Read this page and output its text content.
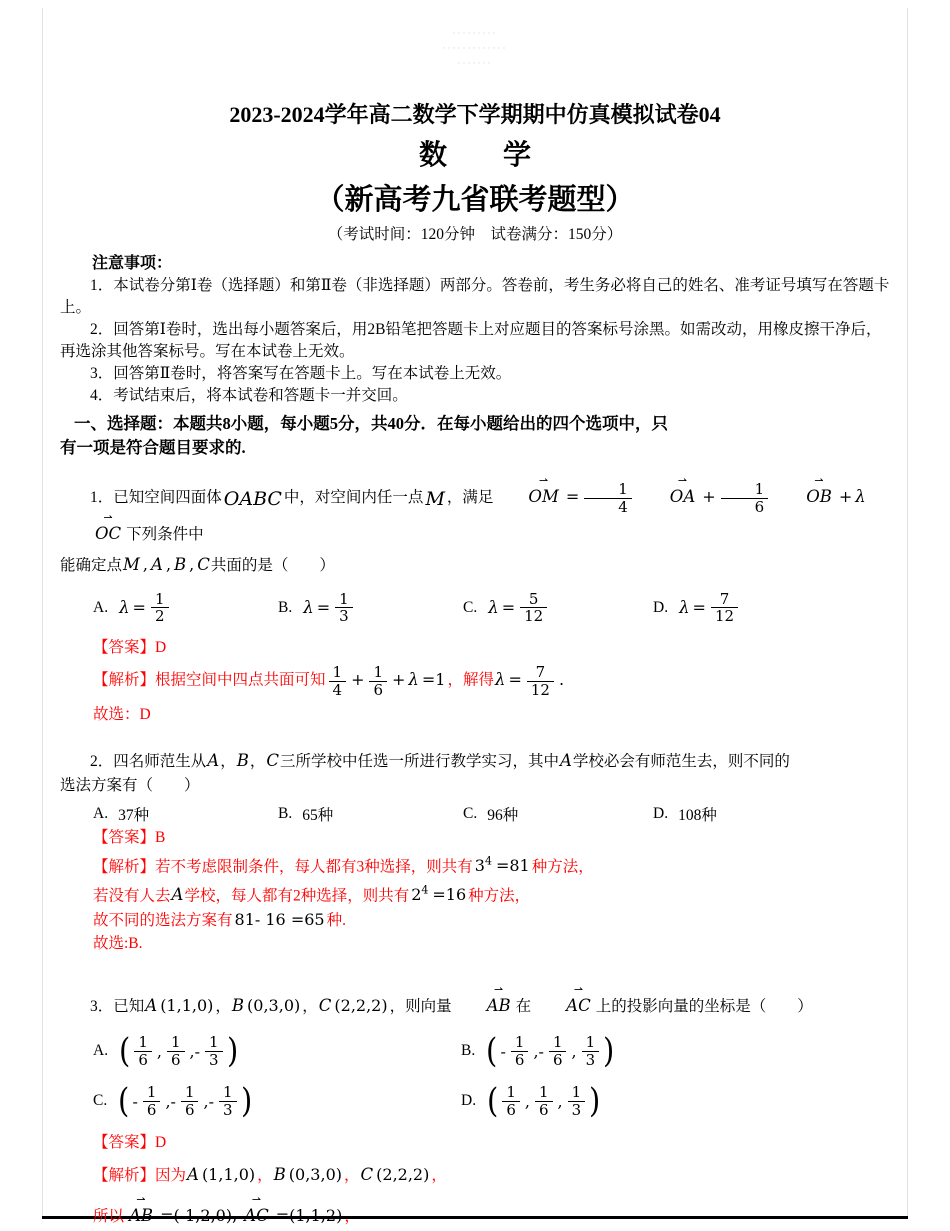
·········
·············
·······
2023-2024学年高二数学下学期期中仿真模拟试卷04
数　　学
（新高考九省联考题型）
（考试时间：120分钟　试卷满分：150分）
注意事项：

1．本试卷分第Ⅰ卷（选择题）和第Ⅱ卷（非选择题）两部分。答卷前，考生务必将自己的姓名、准考证号填写在答题卡上。

2．回答第Ⅰ卷时，选出每小题答案后，用2B铅笔把答题卡上对应题目的答案标号涂黑。如需改动，用橡皮擦干净后，再选涂其他答案标号。写在本试卷上无效。

3．回答第Ⅱ卷时，将答案写在答题卡上。写在本试卷上无效。

4．考试结束后，将本试卷和答题卡一并交回。

一、选择题：本题共8小题，每小题5分，共40分．在每小题给出的四个选项中，只
有一项是符合题目要求的.
1．已知空间四面体 OABC 中，对空间内任一点 M ，满足
⇀
OM = $\frac{1}{4}$
⇀
OA + $\frac{1}{6}$
⇀
OB + λ
⇀
OC 下列条件中
能确定点M , A , B , C共面的是（　　）
A. $\lambda = \frac{1}{2}$	B. $\lambda = \frac{1}{3}$	C. $\lambda = \frac{5}{12}$	D. $\lambda = \frac{7}{12}$
【答案】D
【解析】根据空间中四点共面可知 $\frac{1}{4} + \frac{1}{6} + \lambda =1$ ，解得$\lambda = \frac{7}{12}$ .
故选：D
2．四名师范生从A，B，C三所学校中任选一所进行教学实习，其中A学校必会有师范生去，则不同的
选法方案有（　　）
A. 37种	B. 65种	C. 96种	D. 108种
【答案】B
【解析】若不考虑限制条件，每人都有3种选择，则共有 $3^4 =81$ 种方法，
若没有人去A学校，每人都有2种选择，则共有 $2^4 =16$ 种方法，
故不同的选法方案有 81- 16 =65 种.
故选:B.
3．已知A (1,1,0) ，B (0,3,0) ，C (2,2,2) ，则向量
⇀
AB 在
⇀
AC 上的投影向量的坐标是（　　）
A. ( $\frac{1}{6}$ , $\frac{1}{6}$ ,- $\frac{1}{3}$ )	B. ( - $\frac{1}{6}$ ,- $\frac{1}{6}$ , $\frac{1}{3}$ )
C. ( - $\frac{1}{6}$ ,- $\frac{1}{6}$ ,- $\frac{1}{3}$ )	D. ( $\frac{1}{6}$ , $\frac{1}{6}$ , $\frac{1}{3}$ )
【答案】D
【解析】因为A (1,1,0) ，B (0,3,0) ，C (2,2,2) ，
所以
⇀
AB =(-1,2,0),
⇀
AC =(1,1,2) ，
